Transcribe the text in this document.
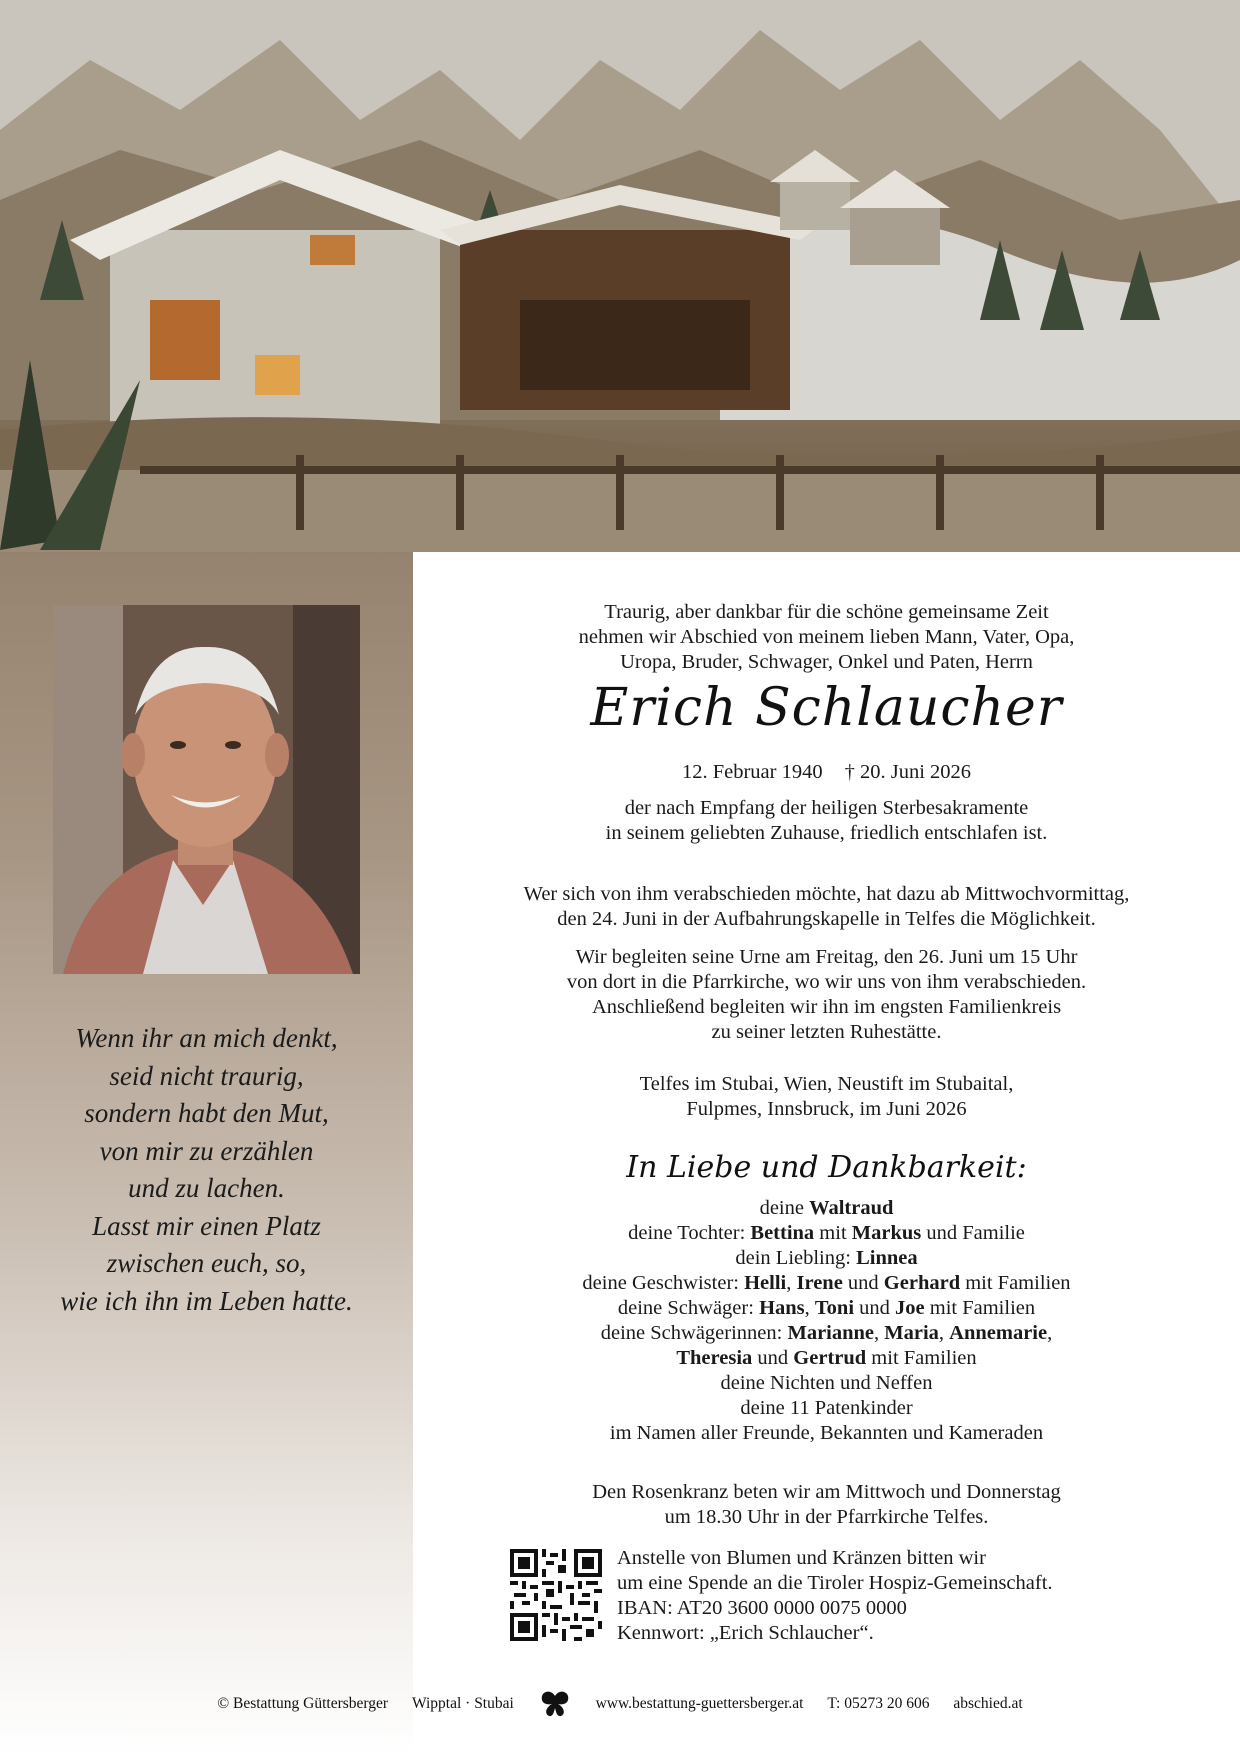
Wenn ihr an mich denkt,
seid nicht traurig,
sondern habt den Mut,
von mir zu erzählen
und zu lachen.
Lasst mir einen Platz
zwischen euch, so,
wie ich ihn im Leben hatte.
Traurig, aber dankbar für die schöne gemeinsame Zeit
nehmen wir Abschied von meinem lieben Mann, Vater, Opa,
Uropa, Bruder, Schwager, Onkel und Paten, Herrn
Erich Schlaucher
12. Februar 1940 † 20. Juni 2026
der nach Empfang der heiligen Sterbesakramente
in seinem geliebten Zuhause, friedlich entschlafen ist.
Wer sich von ihm verabschieden möchte, hat dazu ab Mittwochvormittag,
den 24. Juni in der Aufbahrungskapelle in Telfes die Möglichkeit.
Wir begleiten seine Urne am Freitag, den 26. Juni um 15 Uhr
von dort in die Pfarrkirche, wo wir uns von ihm verabschieden.
Anschließend begleiten wir ihn im engsten Familienkreis
zu seiner letzten Ruhestätte.
Telfes im Stubai, Wien, Neustift im Stubaital,
Fulpmes, Innsbruck, im Juni 2026
In Liebe und Dankbarkeit:
deine Waltraud
deine Tochter: Bettina mit Markus und Familie
dein Liebling: Linnea
deine Geschwister: Helli, Irene und Gerhard mit Familien
deine Schwäger: Hans, Toni und Joe mit Familien
deine Schwägerinnen: Marianne, Maria, Annemarie,
Theresia und Gertrud mit Familien
deine Nichten und Neffen
deine 11 Patenkinder
im Namen aller Freunde, Bekannten und Kameraden
Den Rosenkranz beten wir am Mittwoch und Donnerstag
um 18.30 Uhr in der Pfarrkirche Telfes.
Anstelle von Blumen und Kränzen bitten wir
um eine Spende an die Tiroler Hospiz-Gemeinschaft.
IBAN: AT20 3600 0000 0075 0000
Kennwort: „Erich Schlaucher“.
© Bestattung Güttersberger Wipptal · Stubai	www.bestattung-guettersberger.at T: 05273 20 606 abschied.at
